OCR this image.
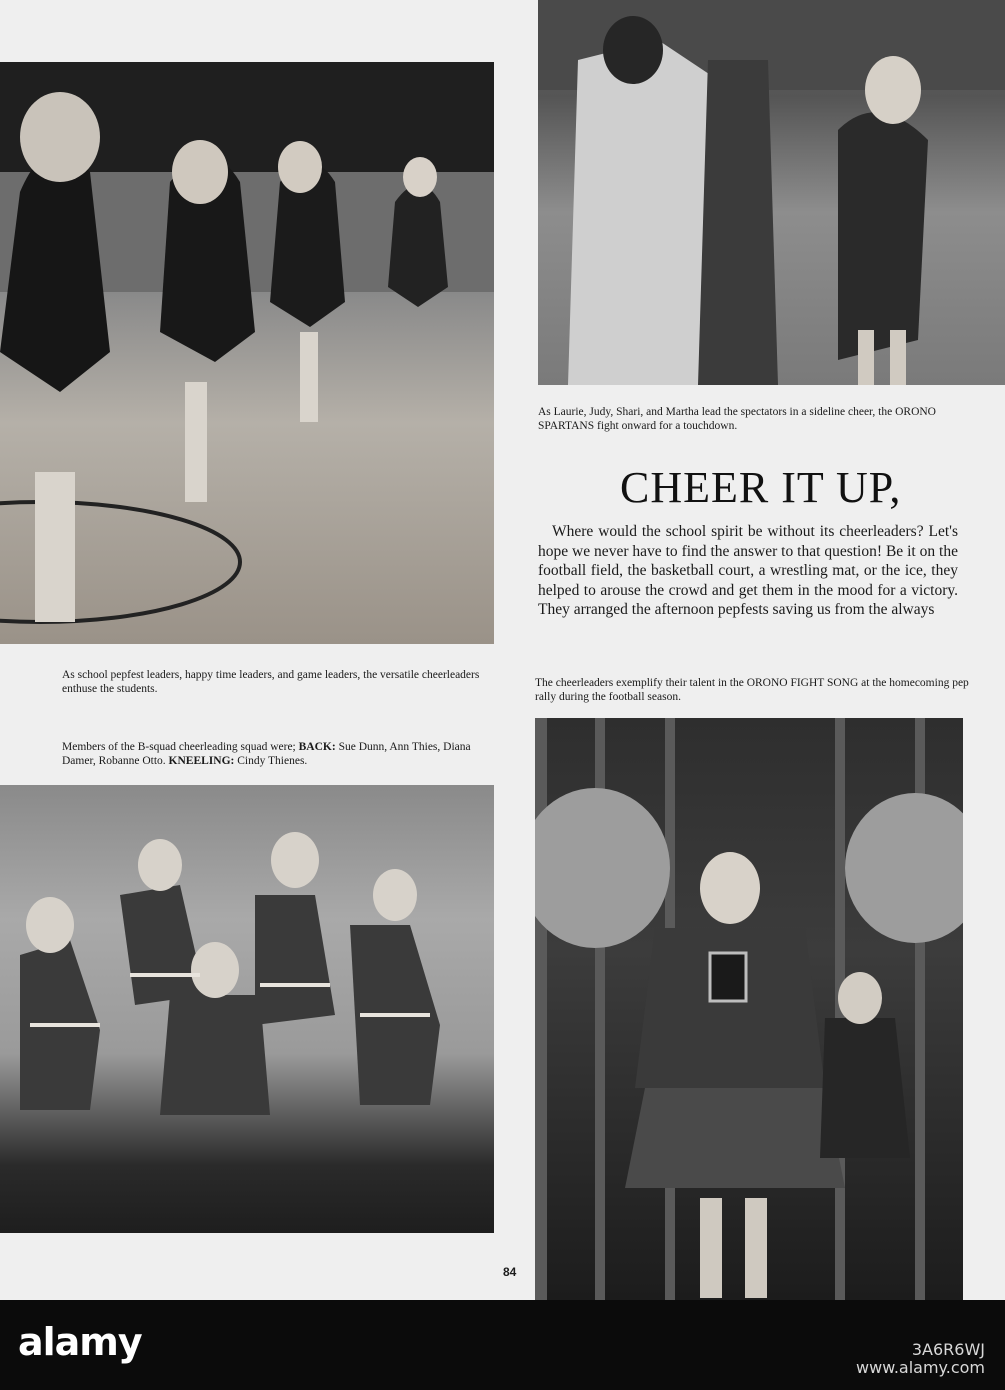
As Laurie, Judy, Shari, and Martha lead the spectators in a sideline cheer, the ORONO SPARTANS fight onward for a touchdown.
CHEER IT UP,
Where would the school spirit be without its cheerleaders? Let's hope we never have to find the answer to that question! Be it on the football field, the basketball court, a wrestling mat, or the ice, they helped to arouse the crowd and get them in the mood for a victory. They arranged the afternoon pepfests saving us from the always
As school pepfest leaders, happy time leaders, and game leaders, the versatile cheerleaders enthuse the students.	The cheerleaders exemplify their talent in the ORONO FIGHT SONG at the homecoming pep rally during the football season.
Members of the B-squad cheerleading squad were; BACK: Sue Dunn, Ann Thies, Diana Damer, Robanne Otto. KNEELING: Cindy Thienes.
84
alamy	3A6R6WJ
www.alamy.com
